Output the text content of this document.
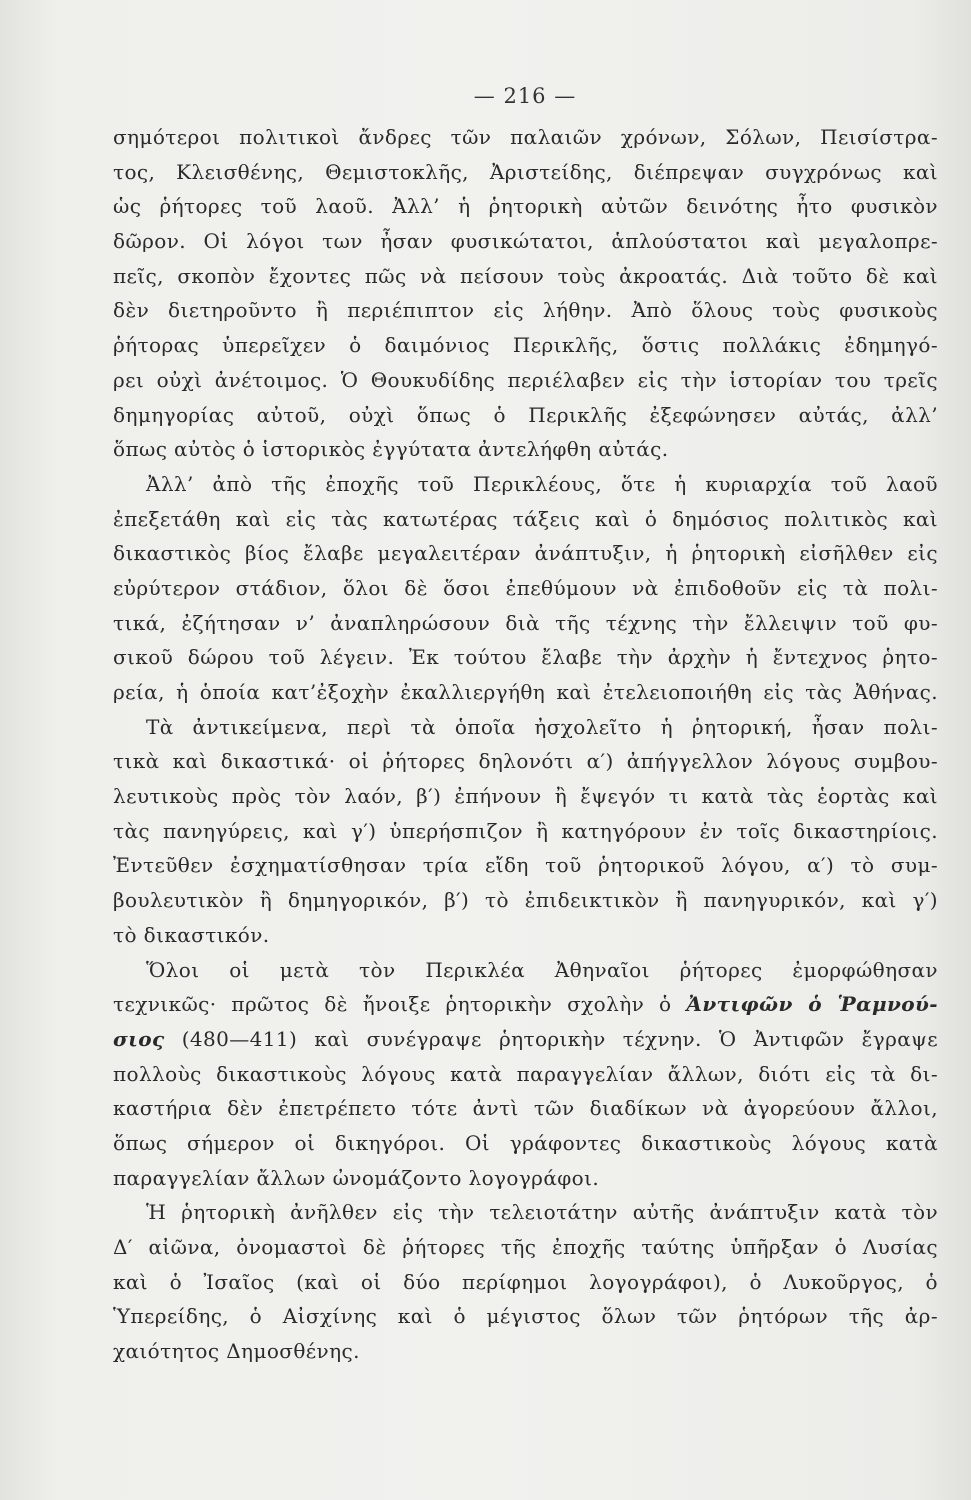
— 216 —
σημότεροι πολιτικοὶ ἄνδρες τῶν παλαιῶν χρόνων, Σόλων, Πεισίστρα-
τος, Κλεισθένης, Θεμιστοκλῆς, Ἀριστείδης, διέπρεψαν συγχρόνως καὶ
ὡς ῥήτορες τοῦ λαοῦ. Ἀλλ’ ἡ ῥητορικὴ αὐτῶν δεινότης ἦτο φυσικὸν
δῶρον. Οἱ λόγοι των ἦσαν φυσικώτατοι, ἁπλούστατοι καὶ μεγαλοπρε-
πεῖς, σκοπὸν ἔχοντες πῶς νὰ πείσουν τοὺς ἀκροατάς. Διὰ τοῦτο δὲ καὶ
δὲν διετηροῦντο ἢ περιέπιπτον εἰς λήθην. Ἀπὸ ὅλους τοὺς φυσικοὺς
ῥήτορας ὑπερεῖχεν ὁ δαιμόνιος Περικλῆς, ὅστις πολλάκις ἐδημηγό-
ρει οὐχὶ ἀνέτοιμος. Ὁ Θουκυδίδης περιέλαβεν εἰς τὴν ἱστορίαν του τρεῖς
δημηγορίας αὐτοῦ, οὐχὶ ὅπως ὁ Περικλῆς ἐξεφώνησεν αὐτάς, ἀλλ’
ὅπως αὐτὸς ὁ ἱστορικὸς ἐγγύτατα ἀντελήφθη αὐτάς.
Ἀλλ’ ἀπὸ τῆς ἐποχῆς τοῦ Περικλέους, ὅτε ἡ κυριαρχία τοῦ λαοῦ
ἐπεξετάθη καὶ εἰς τὰς κατωτέρας τάξεις καὶ ὁ δημόσιος πολιτικὸς καὶ
δικαστικὸς βίος ἔλαβε μεγαλειτέραν ἀνάπτυξιν, ἡ ῥητορικὴ εἰσῆλθεν εἰς
εὐρύτερον στάδιον, ὅλοι δὲ ὅσοι ἐπεθύμουν νὰ ἐπιδοθοῦν εἰς τὰ πολι-
τικά, ἐζήτησαν ν’ ἀναπληρώσουν διὰ τῆς τέχνης τὴν ἔλλειψιν τοῦ φυ-
σικοῦ δώρου τοῦ λέγειν. Ἐκ τούτου ἔλαβε τὴν ἀρχὴν ἡ ἔντεχνος ῥητο-
ρεία, ἡ ὁποία κατ’ἐξοχὴν ἐκαλλιεργήθη καὶ ἐτελειοποιήθη εἰς τὰς Ἀθήνας.
Τὰ ἀντικείμενα, περὶ τὰ ὁποῖα ἠσχολεῖτο ἡ ῥητορική, ἦσαν πολι-
τικὰ καὶ δικαστικά· οἱ ῥήτορες δηλονότι α′) ἀπήγγελλον λόγους συμβου-
λευτικοὺς πρὸς τὸν λαόν, β′) ἐπήνουν ἢ ἔψεγόν τι κατὰ τὰς ἑορτὰς καὶ
τὰς πανηγύρεις, καὶ γ′) ὑπερήσπιζον ἢ κατηγόρουν ἐν τοῖς δικαστηρίοις.
Ἐντεῦθεν ἐσχηματίσθησαν τρία εἴδη τοῦ ῥητορικοῦ λόγου, α′) τὸ συμ-
βουλευτικὸν ἢ δημηγορικόν, β′) τὸ ἐπιδεικτικὸν ἢ πανηγυρικόν, καὶ γ′)
τὸ δικαστικόν.
Ὅλοι οἱ μετὰ τὸν Περικλέα Ἀθηναῖοι ῥήτορες ἐμορφώθησαν
τεχνικῶς· πρῶτος δὲ ἤνοιξε ῥητορικὴν σχολὴν ὁ Ἀντιφῶν ὁ Ῥαμνού-
σιος (480—411) καὶ συνέγραψε ῥητορικὴν τέχνην. Ὁ Ἀντιφῶν ἔγραψε
πολλοὺς δικαστικοὺς λόγους κατὰ παραγγελίαν ἄλλων, διότι εἰς τὰ δι-
καστήρια δὲν ἐπετρέπετο τότε ἀντὶ τῶν διαδίκων νὰ ἀγορεύουν ἄλλοι,
ὅπως σήμερον οἱ δικηγόροι. Οἱ γράφοντες δικαστικοὺς λόγους κατὰ
παραγγελίαν ἄλλων ὠνομάζοντο λογογράφοι.
Ἡ ῥητορικὴ ἀνῆλθεν εἰς τὴν τελειοτάτην αὐτῆς ἀνάπτυξιν κατὰ τὸν
Δ′ αἰῶνα, ὀνομαστοὶ δὲ ῥήτορες τῆς ἐποχῆς ταύτης ὑπῆρξαν ὁ Λυσίας
καὶ ὁ Ἰσαῖος (καὶ οἱ δύο περίφημοι λογογράφοι), ὁ Λυκοῦργος, ὁ
Ὑπερείδης, ὁ Αἰσχίνης καὶ ὁ μέγιστος ὅλων τῶν ῥητόρων τῆς ἀρ-
χαιότητος Δημοσθένης.
